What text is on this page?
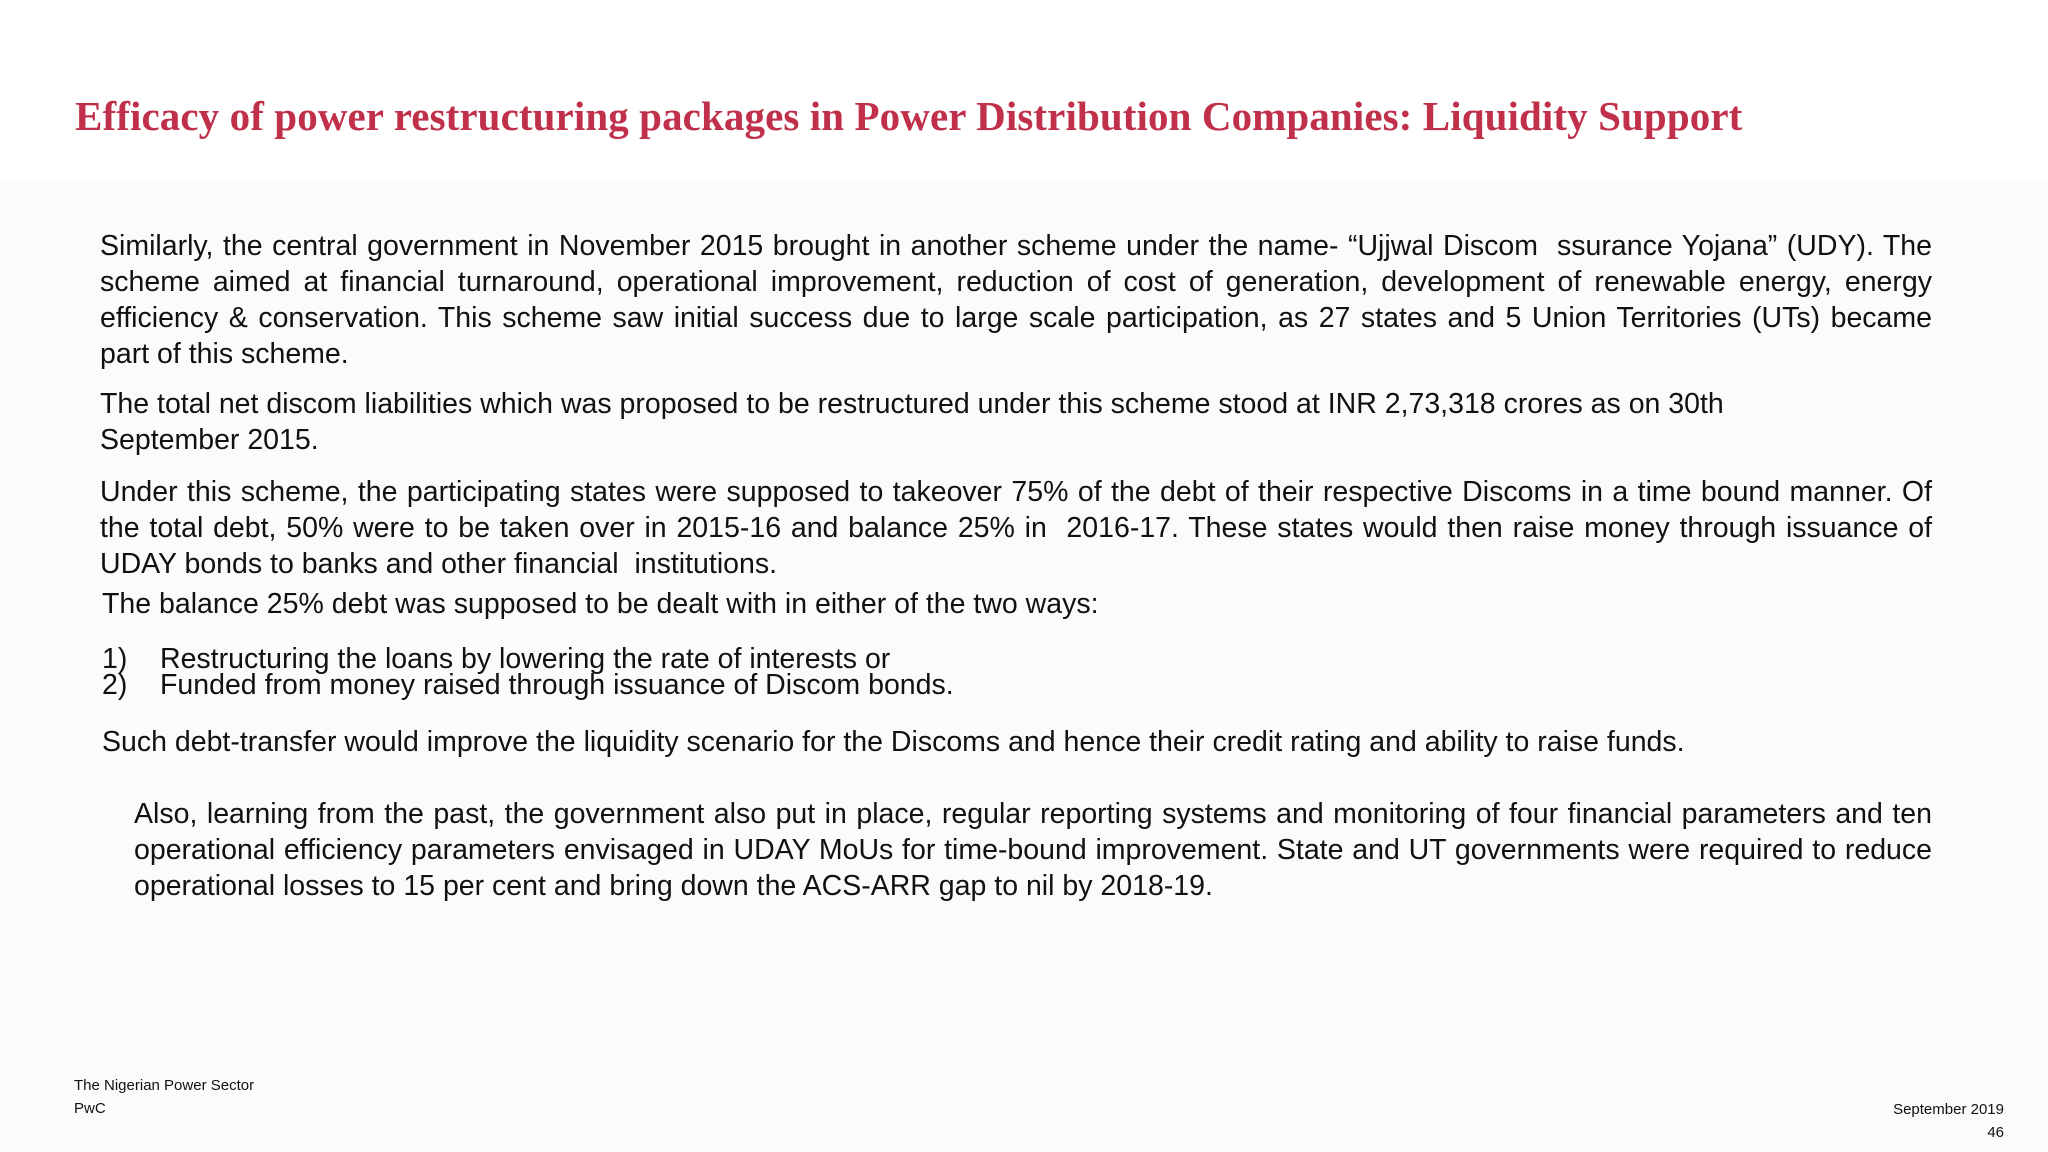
Efficacy of power restructuring packages in Power Distribution Companies: Liquidity Support

Similarly, the central government in November 2015 brought in another scheme under the name- “Ujjwal Discom  ssurance Yojana” (UDY). The scheme aimed at financial turnaround, operational improvement, reduction of cost of generation, development of renewable energy, energy efficiency & conservation. This scheme saw initial success due to large scale participation, as 27 states and 5 Union Territories (UTs) became part of this scheme.

The total net discom liabilities which was proposed to be restructured under this scheme stood at INR 2,73,318 crores as on 30th September 2015.

Under this scheme, the participating states were supposed to takeover 75% of the debt of their respective Discoms in a time bound manner. Of the total debt, 50% were to be taken over in 2015-16 and balance 25% in  2016-17. These states would then raise money through issuance of UDAY bonds to banks and other financial  institutions.

The balance 25% debt was supposed to be dealt with in either of the two ways:

1)	Restructuring the loans by lowering the rate of interests or
2)	Funded from money raised through issuance of Discom bonds.

Such debt-transfer would improve the liquidity scenario for the Discoms and hence their credit rating and ability to raise funds.

Also, learning from the past, the government also put in place, regular reporting systems and monitoring of four financial parameters and ten operational efficiency parameters envisaged in UDAY MoUs for time-bound improvement. State and UT governments were required to reduce operational losses to 15 per cent and bring down the ACS-ARR gap to nil by 2018-19.

The Nigerian Power Sector
PwC	September 2019
46
